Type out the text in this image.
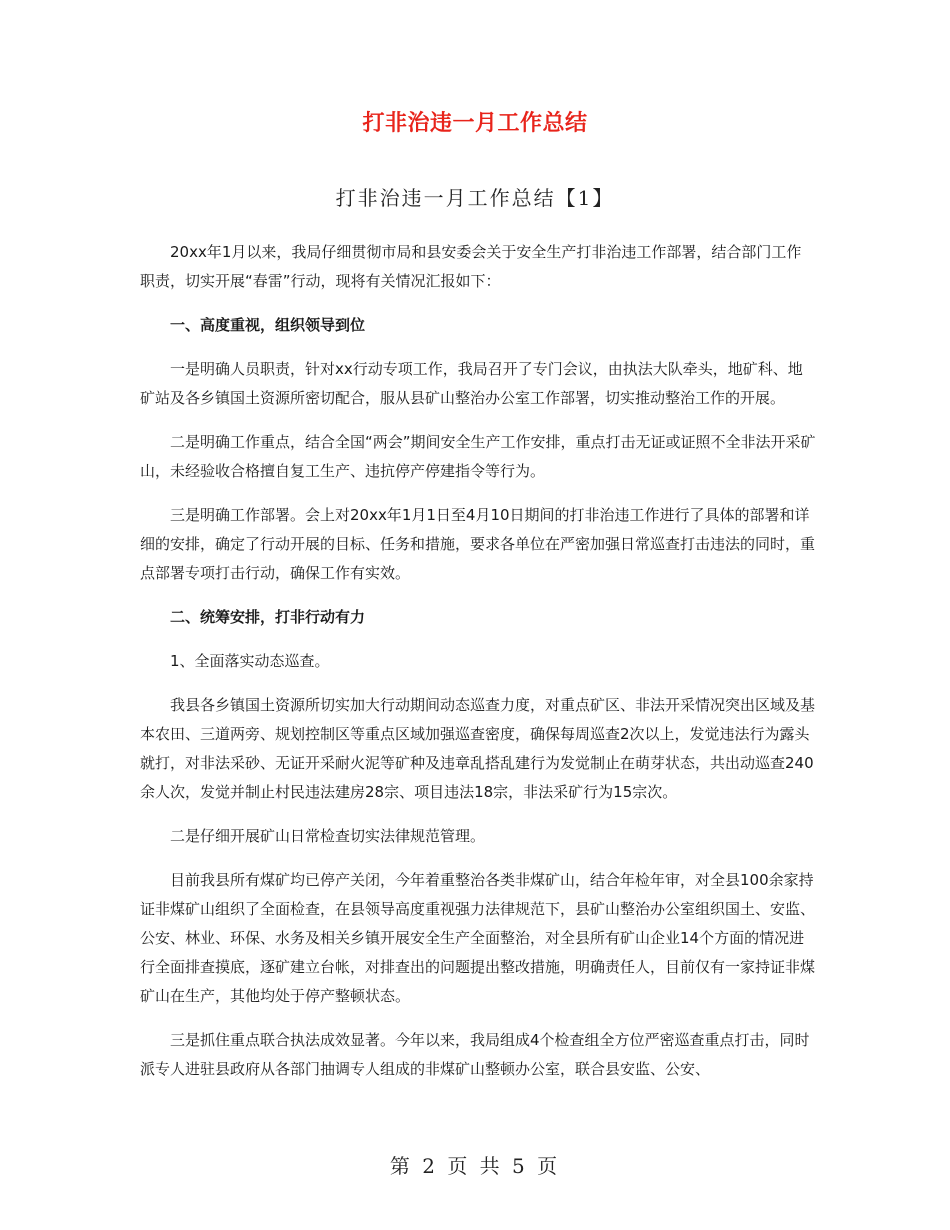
打非治违一月工作总结
打非治违一月工作总结【1】

20xx年1月以来，我局仔细贯彻市局和县安委会关于安全生产打非治违工作部署，结合部门工作职责，切实开展“春雷”行动，现将有关情况汇报如下：

一、高度重视，组织领导到位

一是明确人员职责，针对xx行动专项工作，我局召开了专门会议，由执法大队牵头，地矿科、地矿站及各乡镇国土资源所密切配合，服从县矿山整治办公室工作部署，切实推动整治工作的开展。

二是明确工作重点，结合全国“两会”期间安全生产工作安排，重点打击无证或证照不全非法开采矿山，未经验收合格擅自复工生产、违抗停产停建指令等行为。

三是明确工作部署。会上对20xx年1月1日至4月10日期间的打非治违工作进行了具体的部署和详细的安排，确定了行动开展的目标、任务和措施，要求各单位在严密加强日常巡查打击违法的同时，重点部署专项打击行动，确保工作有实效。

二、统筹安排，打非行动有力

1、全面落实动态巡查。

我县各乡镇国土资源所切实加大行动期间动态巡查力度，对重点矿区、非法开采情况突出区域及基本农田、三道两旁、规划控制区等重点区域加强巡查密度，确保每周巡查2次以上，发觉违法行为露头就打，对非法采砂、无证开采耐火泥等矿种及违章乱搭乱建行为发觉制止在萌芽状态，共出动巡查240余人次，发觉并制止村民违法建房28宗、项目违法18宗，非法采矿行为15宗次。

二是仔细开展矿山日常检查切实法律规范管理。

目前我县所有煤矿均已停产关闭，今年着重整治各类非煤矿山，结合年检年审，对全县100余家持证非煤矿山组织了全面检查，在县领导高度重视强力法律规范下，县矿山整治办公室组织国土、安监、公安、林业、环保、水务及相关乡镇开展安全生产全面整治，对全县所有矿山企业14个方面的情况进行全面排查摸底，逐矿建立台帐，对排查出的问题提出整改措施，明确责任人，目前仅有一家持证非煤矿山在生产，其他均处于停产整顿状态。

三是抓住重点联合执法成效显著。今年以来，我局组成4个检查组全方位严密巡查重点打击，同时派专人进驻县政府从各部门抽调专人组成的非煤矿山整顿办公室，联合县安监、公安、

第 2 页 共 5 页
